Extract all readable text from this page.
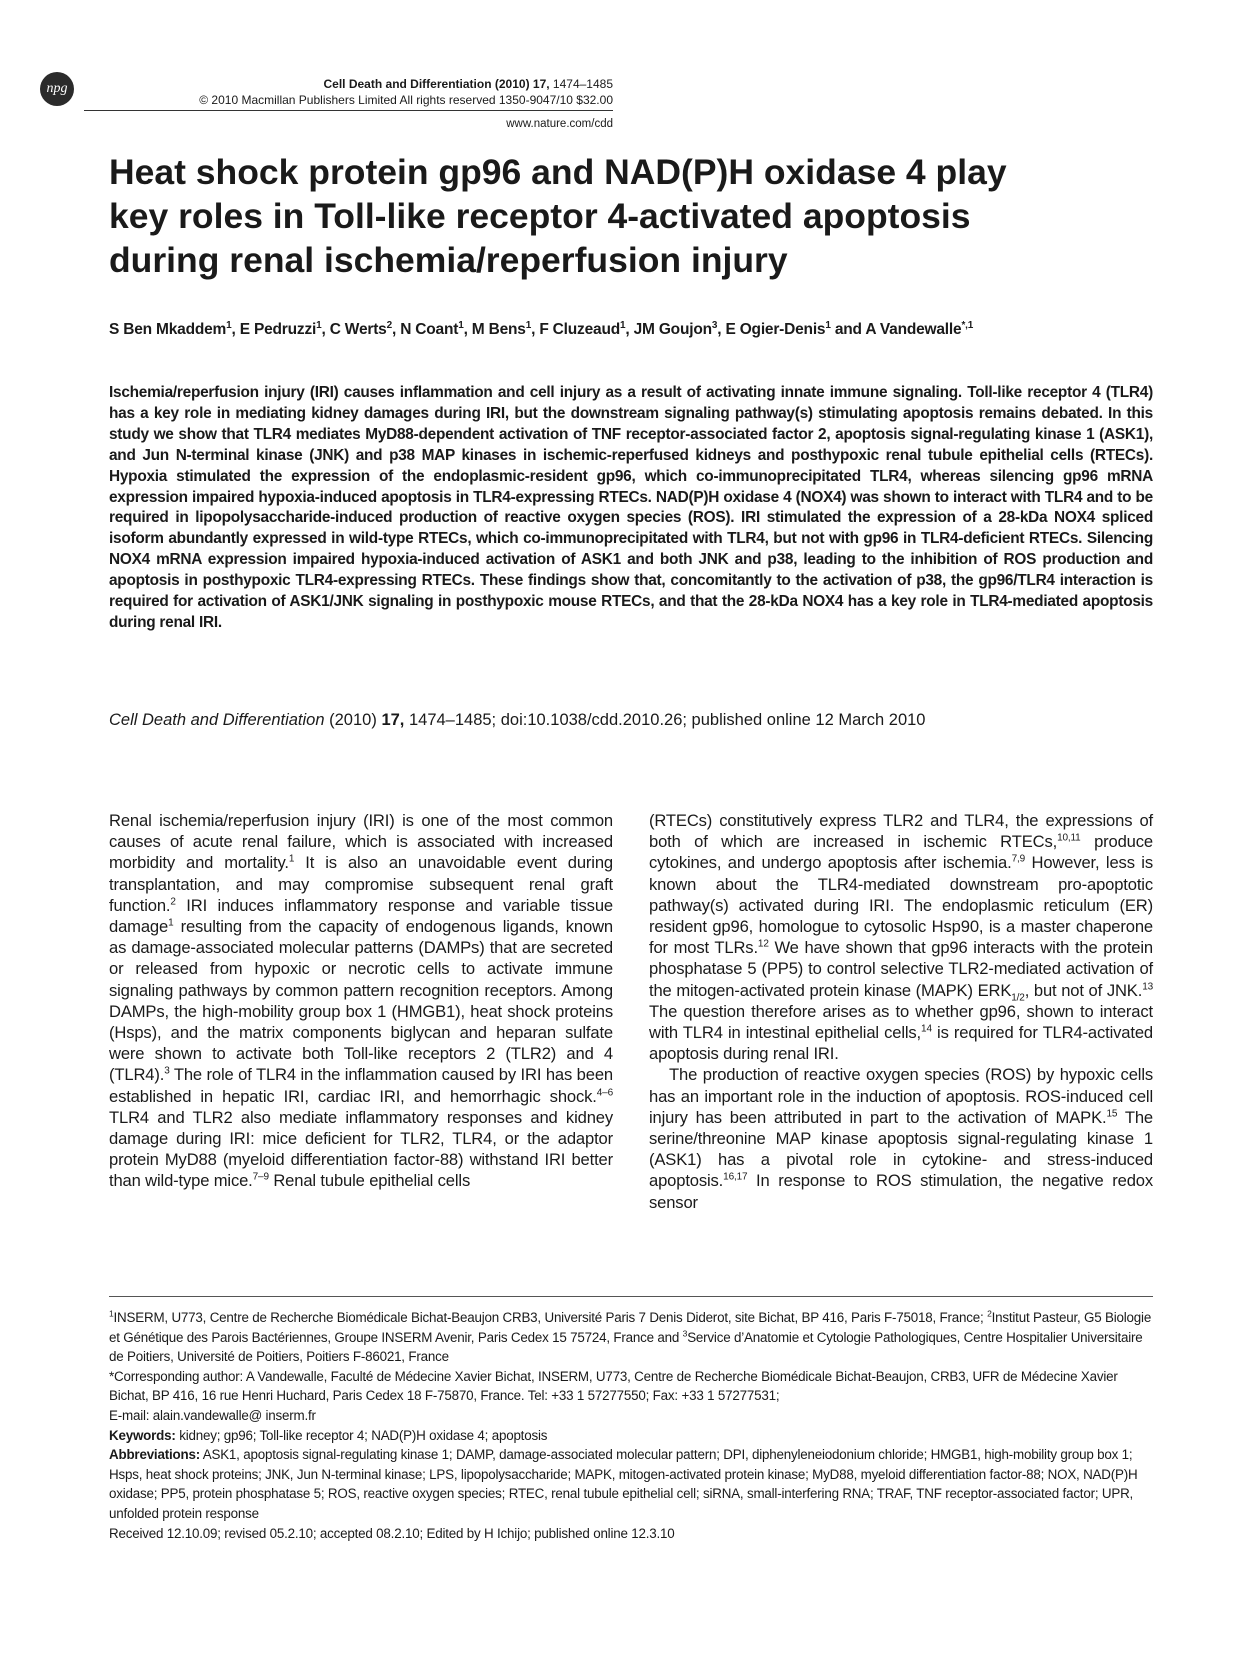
npg	Cell Death and Differentiation (2010) 17, 1474–1485
© 2010 Macmillan Publishers Limited All rights reserved 1350-9047/10 $32.00
www.nature.com/cdd
Heat shock protein gp96 and NAD(P)H oxidase 4 play
key roles in Toll-like receptor 4-activated apoptosis
during renal ischemia/reperfusion injury
S Ben Mkaddem$^1$, E Pedruzzi$^1$, C Werts$^2$, N Coant$^1$, M Bens$^1$, F Cluzeaud$^1$, JM Goujon$^3$, E Ogier-Denis$^1$ and A Vandewalle$^{*,1}$

Ischemia/reperfusion injury (IRI) causes inflammation and cell injury as a result of activating innate immune signaling. Toll-like receptor 4 (TLR4) has a key role in mediating kidney damages during IRI, but the downstream signaling pathway(s) stimulating apoptosis remains debated. In this study we show that TLR4 mediates MyD88-dependent activation of TNF receptor-associated factor 2, apoptosis signal-regulating kinase 1 (ASK1), and Jun N-terminal kinase (JNK) and p38 MAP kinases in ischemic-reperfused kidneys and posthypoxic renal tubule epithelial cells (RTECs). Hypoxia stimulated the expression of the endoplasmic-resident gp96, which co-immunoprecipitated TLR4, whereas silencing gp96 mRNA expression impaired hypoxia-induced apoptosis in TLR4-expressing RTECs. NAD(P)H oxidase 4 (NOX4) was shown to interact with TLR4 and to be required in lipopolysaccharide-induced production of reactive oxygen species (ROS). IRI stimulated the expression of a 28-kDa NOX4 spliced isoform abundantly expressed in wild-type RTECs, which co-immunoprecipitated with TLR4, but not with gp96 in TLR4-deficient RTECs. Silencing NOX4 mRNA expression impaired hypoxia-induced activation of ASK1 and both JNK and p38, leading to the inhibition of ROS production and apoptosis in posthypoxic TLR4-expressing RTECs. These findings show that, concomitantly to the activation of p38, the gp96/TLR4 interaction is required for activation of ASK1/JNK signaling in posthypoxic mouse RTECs, and that the 28-kDa NOX4 has a key role in TLR4-mediated apoptosis during renal IRI.

Cell Death and Differentiation (2010) 17, 1474–1485; doi:10.1038/cdd.2010.26; published online 12 March 2010

Renal ischemia/reperfusion injury (IRI) is one of the most common causes of acute renal failure, which is associated with increased morbidity and mortality.$^1$ It is also an unavoidable event during transplantation, and may compromise subsequent renal graft function.$^2$ IRI induces inflammatory response and variable tissue damage$^1$ resulting from the capacity of endogenous ligands, known as damage-associated molecular patterns (DAMPs) that are secreted or released from hypoxic or necrotic cells to activate immune signaling pathways by common pattern recognition receptors. Among DAMPs, the high-mobility group box 1 (HMGB1), heat shock proteins (Hsps), and the matrix components biglycan and heparan sulfate were shown to activate both Toll-like receptors 2 (TLR2) and 4 (TLR4).$^3$ The role of TLR4 in the inflammation caused by IRI has been established in hepatic IRI, cardiac IRI, and hemorrhagic shock.$^{4-6}$ TLR4 and TLR2 also mediate inflammatory responses and kidney damage during IRI: mice deficient for TLR2, TLR4, or the adaptor protein MyD88 (myeloid differentiation factor-88) withstand IRI better than wild-type mice.$^{7-9}$ Renal tubule epithelial cells

(RTECs) constitutively express TLR2 and TLR4, the expressions of both of which are increased in ischemic RTECs,$^{10,11}$ produce cytokines, and undergo apoptosis after ischemia.$^{7,9}$ However, less is known about the TLR4-mediated downstream pro-apoptotic pathway(s) activated during IRI. The endoplasmic reticulum (ER) resident gp96, homologue to cytosolic Hsp90, is a master chaperone for most TLRs.$^{12}$ We have shown that gp96 interacts with the protein phosphatase 5 (PP5) to control selective TLR2-mediated activation of the mitogen-activated protein kinase (MAPK) $ERK_{1/2}$, but not of JNK.$^{13}$ The question therefore arises as to whether gp96, shown to interact with TLR4 in intestinal epithelial cells,$^{14}$ is required for TLR4-activated apoptosis during renal IRI.

The production of reactive oxygen species (ROS) by hypoxic cells has an important role in the induction of apoptosis. ROS-induced cell injury has been attributed in part to the activation of MAPK.$^{15}$ The serine/threonine MAP kinase apoptosis signal-regulating kinase 1 (ASK1) has a pivotal role in cytokine- and stress-induced apoptosis.$^{16,17}$ In response to ROS stimulation, the negative redox sensor

$^1$INSERM, U773, Centre de Recherche Biomédicale Bichat-Beaujon CRB3, Université Paris 7 Denis Diderot, site Bichat, BP 416, Paris F-75018, France; $^2$Institut Pasteur, G5 Biologie et Génétique des Parois Bactériennes, Groupe INSERM Avenir, Paris Cedex 15 75724, France and $^3$Service d’Anatomie et Cytologie Pathologiques, Centre Hospitalier Universitaire de Poitiers, Université de Poitiers, Poitiers F-86021, France

*Corresponding author: A Vandewalle, Faculté de Médecine Xavier Bichat, INSERM, U773, Centre de Recherche Biomédicale Bichat-Beaujon, CRB3, UFR de Médecine Xavier Bichat, BP 416, 16 rue Henri Huchard, Paris Cedex 18 F-75870, France. Tel: +33 1 57277550; Fax: +33 1 57277531;

E-mail: alain.vandewalle@ inserm.fr

Keywords: kidney; gp96; Toll-like receptor 4; NAD(P)H oxidase 4; apoptosis

Abbreviations: ASK1, apoptosis signal-regulating kinase 1; DAMP, damage-associated molecular pattern; DPI, diphenyleneiodonium chloride; HMGB1, high-mobility group box 1; Hsps, heat shock proteins; JNK, Jun N-terminal kinase; LPS, lipopolysaccharide; MAPK, mitogen-activated protein kinase; MyD88, myeloid differentiation factor-88; NOX, NAD(P)H oxidase; PP5, protein phosphatase 5; ROS, reactive oxygen species; RTEC, renal tubule epithelial cell; siRNA, small-interfering RNA; TRAF, TNF receptor-associated factor; UPR, unfolded protein response

Received 12.10.09; revised 05.2.10; accepted 08.2.10; Edited by H Ichijo; published online 12.3.10
